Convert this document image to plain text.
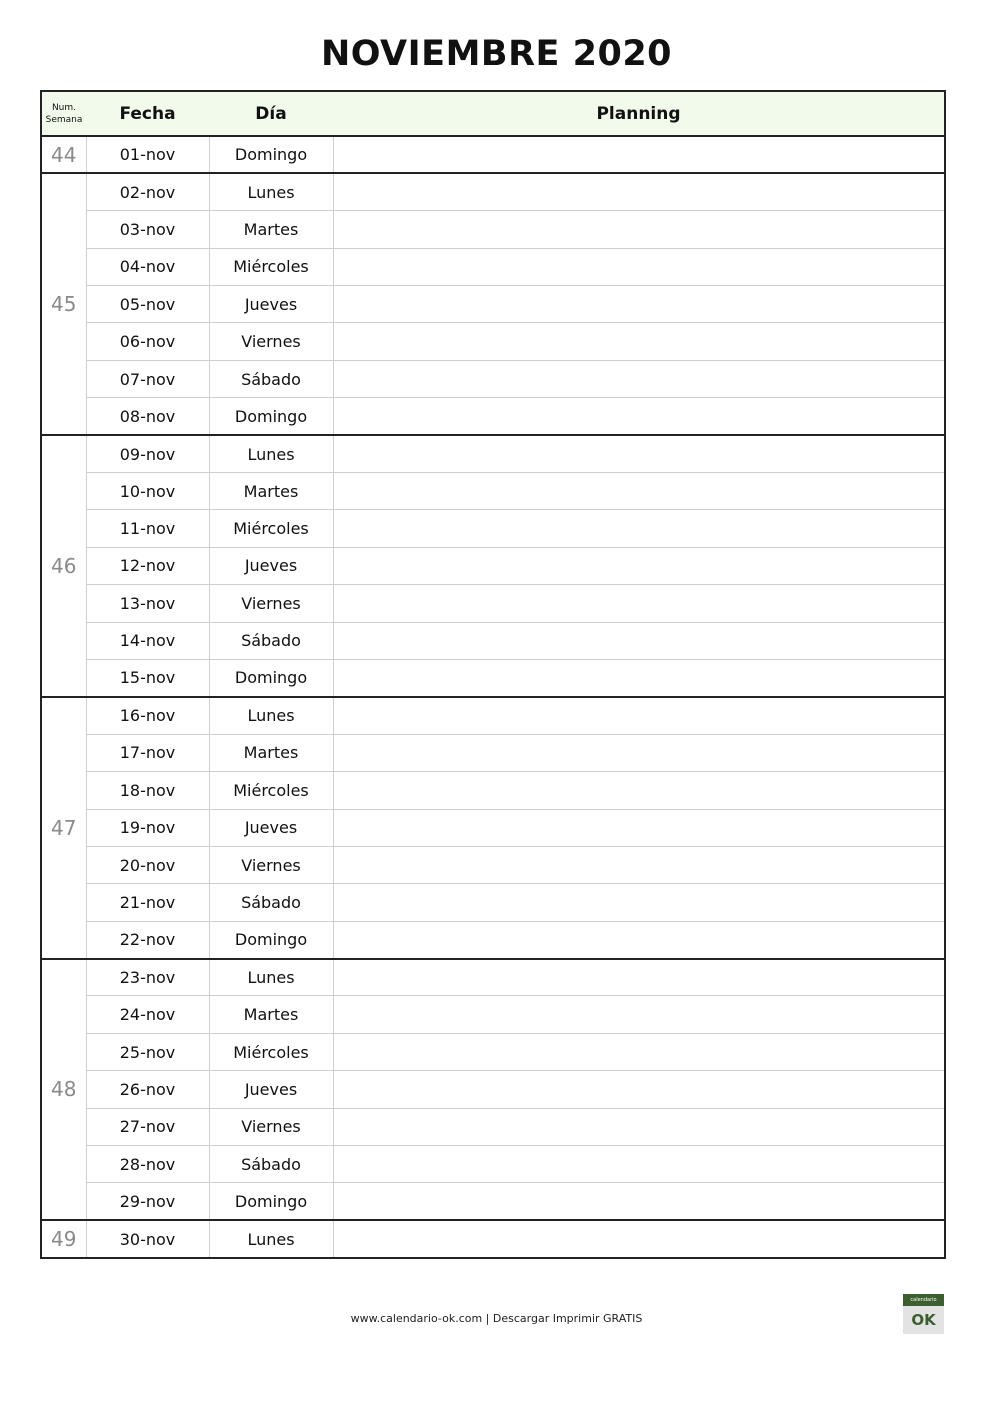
NOVIEMBRE 2020
Num.
Semana	Fecha	Día	Planning
44	01-nov	Domingo	
45	02-nov	Lunes	
	03-nov	Martes	
	04-nov	Miércoles	
	05-nov	Jueves	
	06-nov	Viernes	
	07-nov	Sábado	
	08-nov	Domingo	
46	09-nov	Lunes	
	10-nov	Martes	
	11-nov	Miércoles	
	12-nov	Jueves	
	13-nov	Viernes	
	14-nov	Sábado	
	15-nov	Domingo	
47	16-nov	Lunes	
	17-nov	Martes	
	18-nov	Miércoles	
	19-nov	Jueves	
	20-nov	Viernes	
	21-nov	Sábado	
	22-nov	Domingo	
48	23-nov	Lunes	
	24-nov	Martes	
	25-nov	Miércoles	
	26-nov	Jueves	
	27-nov	Viernes	
	28-nov	Sábado	
	29-nov	Domingo	
49	30-nov	Lunes	
www.calendario-ok.com | Descargar Imprimir GRATIS
calendario
OK
